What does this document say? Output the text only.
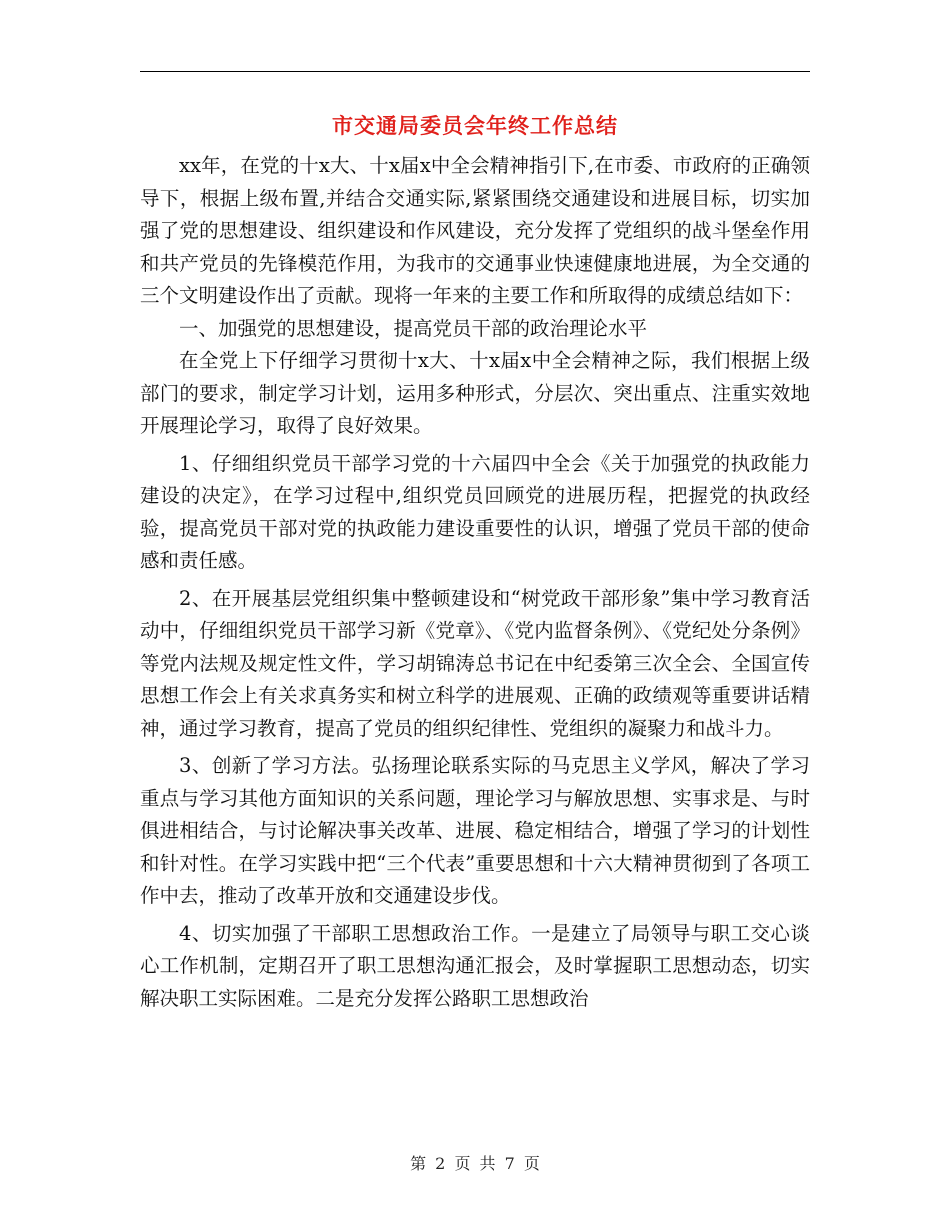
市交通局委员会年终工作总结

xx年，在党的十x大、十x届x中全会精神指引下,在市委、市政府的正确领导下，根据上级布置,并结合交通实际,紧紧围绕交通建设和进展目标，切实加强了党的思想建设、组织建设和作风建设，充分发挥了党组织的战斗堡垒作用和共产党员的先锋模范作用，为我市的交通事业快速健康地进展，为全交通的三个文明建设作出了贡献。现将一年来的主要工作和所取得的成绩总结如下：

一、加强党的思想建设，提高党员干部的政治理论水平

在全党上下仔细学习贯彻十x大、十x届x中全会精神之际，我们根据上级部门的要求，制定学习计划，运用多种形式，分层次、突出重点、注重实效地开展理论学习，取得了良好效果。

1、仔细组织党员干部学习党的十六届四中全会《关于加强党的执政能力建设的决定》，在学习过程中,组织党员回顾党的进展历程，把握党的执政经验，提高党员干部对党的执政能力建设重要性的认识，增强了党员干部的使命感和责任感。

2、在开展基层党组织集中整顿建设和“树党政干部形象”集中学习教育活动中，仔细组织党员干部学习新《党章》、《党内监督条例》、《党纪处分条例》等党内法规及规定性文件，学习胡锦涛总书记在中纪委第三次全会、全国宣传思想工作会上有关求真务实和树立科学的进展观、正确的政绩观等重要讲话精神，通过学习教育，提高了党员的组织纪律性、党组织的凝聚力和战斗力。

3、创新了学习方法。弘扬理论联系实际的马克思主义学风，解决了学习重点与学习其他方面知识的关系问题，理论学习与解放思想、实事求是、与时俱进相结合，与讨论解决事关改革、进展、稳定相结合，增强了学习的计划性和针对性。在学习实践中把“三个代表”重要思想和十六大精神贯彻到了各项工作中去，推动了改革开放和交通建设步伐。

4、切实加强了干部职工思想政治工作。一是建立了局领导与职工交心谈心工作机制，定期召开了职工思想沟通汇报会，及时掌握职工思想动态，切实解决职工实际困难。二是充分发挥公路职工思想政治

第 2 页 共 7 页
